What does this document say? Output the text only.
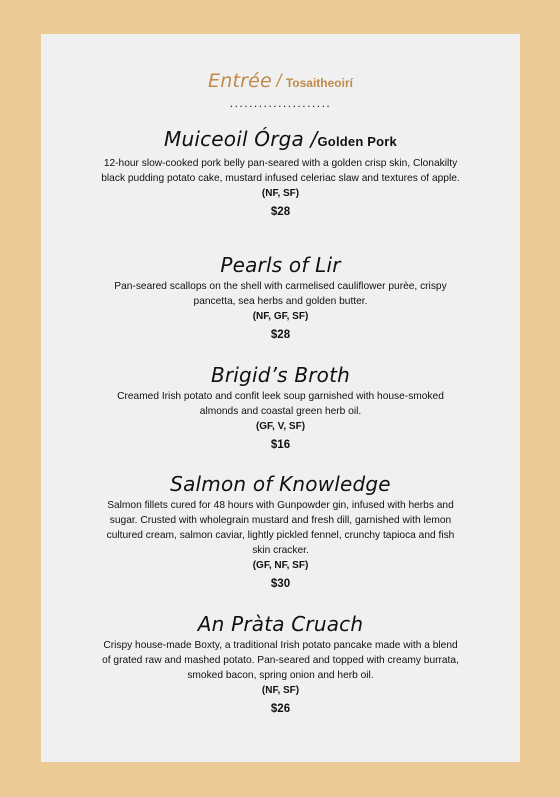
Entrée / Tosaitheoirí
.....................
Muiceoil Órga /Golden Pork
12-hour slow-cooked pork belly pan-seared with a golden crisp skin, Clonakilty black pudding potato cake, mustard infused celeriac slaw and textures of apple.
(NF, SF)
$28
Pearls of Lir
Pan-seared scallops on the shell with carmelised cauliflower purèe, crispy pancetta, sea herbs and golden butter.
(NF, GF, SF)
$28
Brigid’s Broth
Creamed Irish potato and confit leek soup garnished with house-smoked almonds and coastal green herb oil.
(GF, V, SF)
$16
Salmon of Knowledge
Salmon fillets cured for 48 hours with Gunpowder gin, infused with herbs and sugar. Crusted with wholegrain mustard and fresh dill, garnished with lemon cultured cream, salmon caviar, lightly pickled fennel, crunchy tapioca and fish skin cracker.
(GF, NF, SF)
$30
An Pràta Cruach
Crispy house-made Boxty, a traditional Irish potato pancake made with a blend of grated raw and mashed potato. Pan-seared and topped with creamy burrata, smoked bacon, spring onion and herb oil.
(NF, SF)
$26
